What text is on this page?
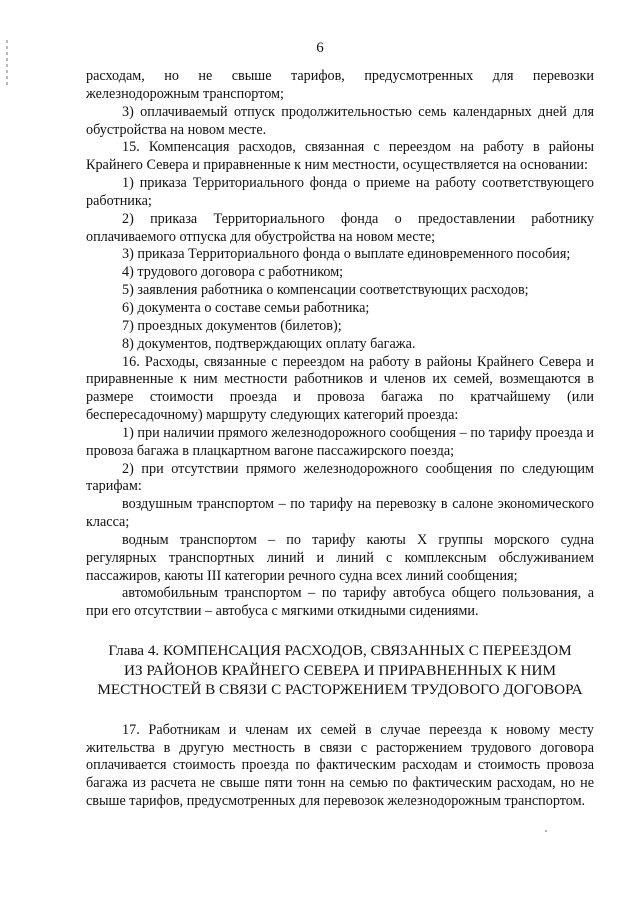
6

расходам, но не свыше тарифов, предусмотренных для перевозки железнодорожным транспортом;

3) оплачиваемый отпуск продолжительностью семь календарных дней для обустройства на новом месте.

15. Компенсация расходов, связанная с переездом на работу в районы Крайнего Севера и приравненные к ним местности, осуществляется на основании:

1) приказа Территориального фонда о приеме на работу соответствующего работника;

2) приказа Территориального фонда о предоставлении работнику оплачиваемого отпуска для обустройства на новом месте;

3) приказа Территориального фонда о выплате единовременного пособия;

4) трудового договора с работником;

5) заявления работника о компенсации соответствующих расходов;

6) документа о составе семьи работника;

7) проездных документов (билетов);

8) документов, подтверждающих оплату багажа.

16. Расходы, связанные с переездом на работу в районы Крайнего Севера и приравненные к ним местности работников и членов их семей, возмещаются в размере стоимости проезда и провоза багажа по кратчайшему (или беспересадочному) маршруту следующих категорий проезда:

1) при наличии прямого железнодорожного сообщения – по тарифу проезда и провоза багажа в плацкартном вагоне пассажирского поезда;

2) при отсутствии прямого железнодорожного сообщения по следующим тарифам:

воздушным транспортом – по тарифу на перевозку в салоне экономического класса;

водным транспортом – по тарифу каюты X группы морского судна регулярных транспортных линий и линий с комплексным обслуживанием пассажиров, каюты III категории речного судна всех линий сообщения;

автомобильным транспортом – по тарифу автобуса общего пользования, а при его отсутствии – автобуса с мягкими откидными сидениями.

Глава 4. КОМПЕНСАЦИЯ РАСХОДОВ, СВЯЗАННЫХ С ПЕРЕЕЗДОМ
ИЗ РАЙОНОВ КРАЙНЕГО СЕВЕРА И ПРИРАВНЕННЫХ К НИМ
МЕСТНОСТЕЙ В СВЯЗИ С РАСТОРЖЕНИЕМ ТРУДОВОГО ДОГОВОРА

17. Работникам и членам их семей в случае переезда к новому месту жительства в другую местность в связи с расторжением трудового договора оплачивается стоимость проезда по фактическим расходам и стоимость провоза багажа из расчета не свыше пяти тонн на семью по фактическим расходам, но не свыше тарифов, предусмотренных для перевозок железнодорожным транспортом.
